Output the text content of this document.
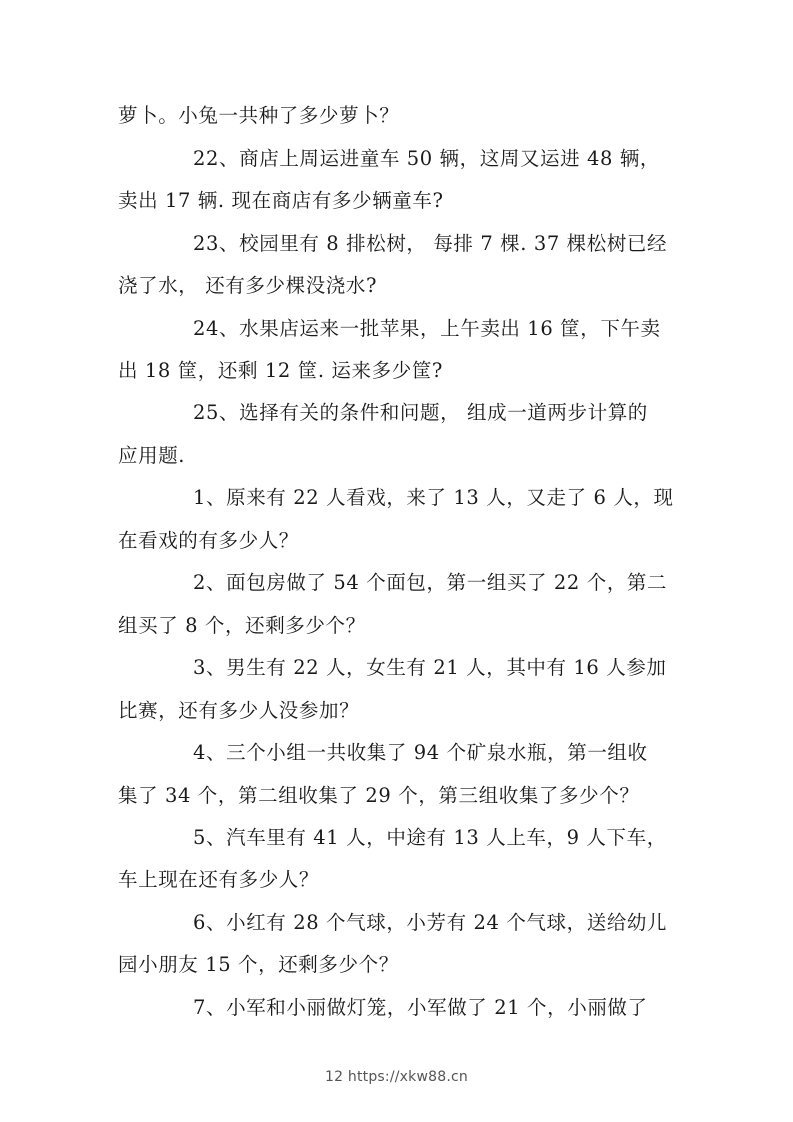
萝卜。小兔一共种了多少萝卜？
22、商店上周运进童车 50 辆，这周又运进 48 辆，
卖出 17 辆. 现在商店有多少辆童车?
23、校园里有 8 排松树， 每排 7 棵. 37 棵松树已经
浇了水， 还有多少棵没浇水?
24、水果店运来一批苹果，上午卖出 16 筐，下午卖
出 18 筐，还剩 12 筐. 运来多少筐?
25、选择有关的条件和问题， 组成一道两步计算的
应用题.
1、原来有 22 人看戏，来了 13 人，又走了 6 人，现
在看戏的有多少人？
2、面包房做了 54 个面包，第一组买了 22 个，第二
组买了 8 个，还剩多少个？
3、男生有 22 人，女生有 21 人，其中有 16 人参加
比赛，还有多少人没参加？
4、三个小组一共收集了 94 个矿泉水瓶，第一组收
集了 34 个，第二组收集了 29 个，第三组收集了多少个？
5、汽车里有 41 人，中途有 13 人上车，9 人下车，
车上现在还有多少人？
6、小红有 28 个气球，小芳有 24 个气球，送给幼儿
园小朋友 15 个，还剩多少个？
7、小军和小丽做灯笼，小军做了 21 个，小丽做了
12 https://xkw88.cn
